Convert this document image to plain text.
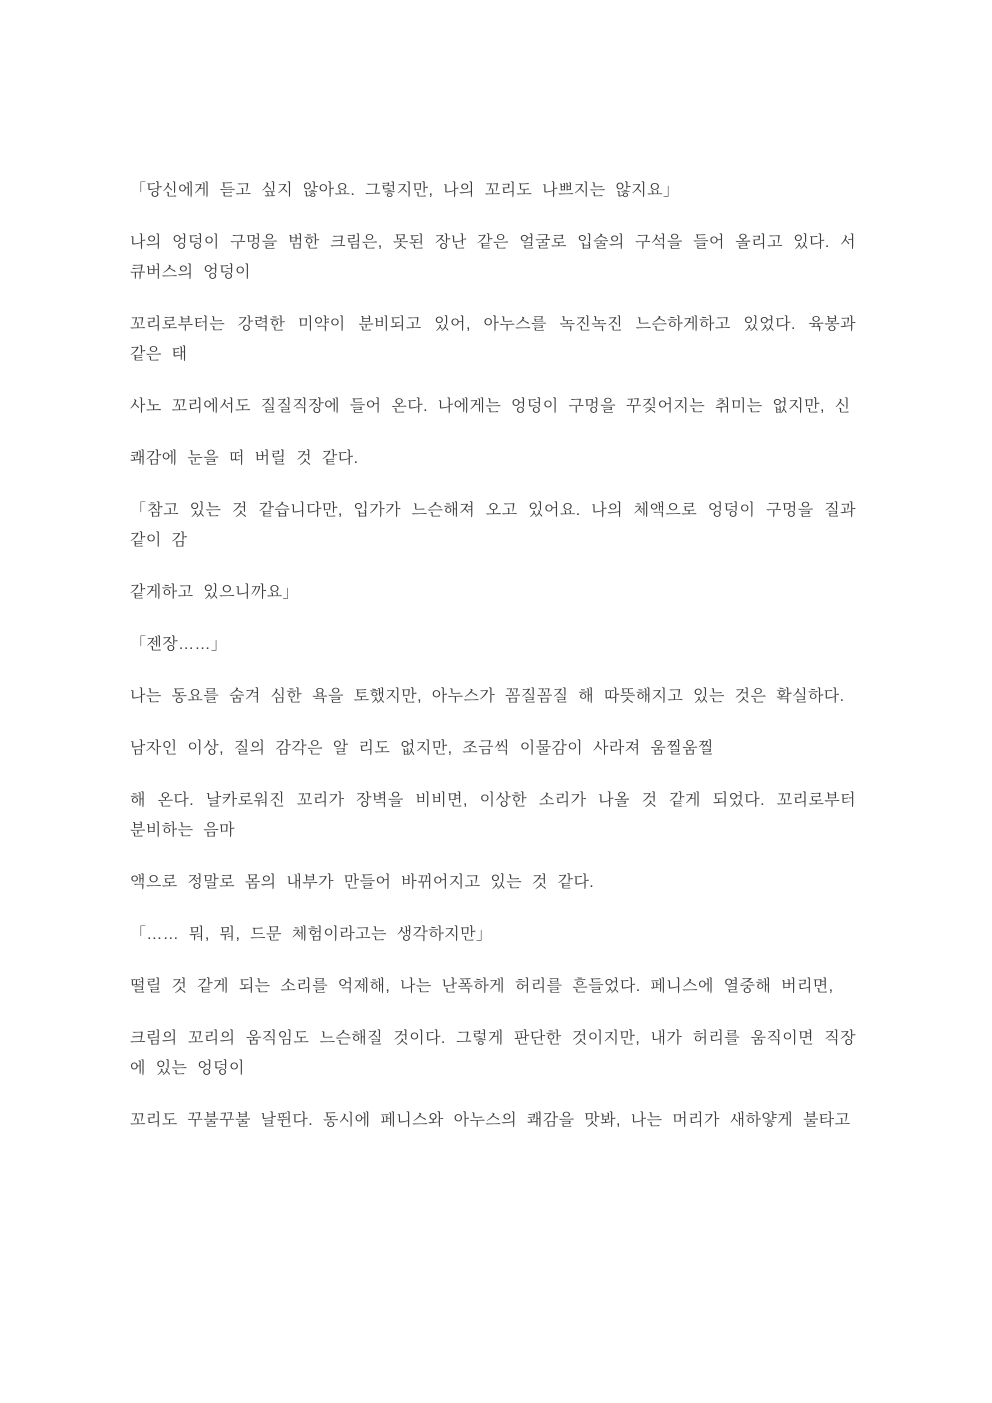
「당신에게 듣고 싶지 않아요. 그렇지만, 나의 꼬리도 나쁘지는 않지요」

나의 엉덩이 구멍을 범한 크림은, 못된 장난 같은 얼굴로 입술의 구석을 들어 올리고 있다. 서큐버스의 엉덩이

꼬리로부터는 강력한 미약이 분비되고 있어, 아누스를 녹진녹진 느슨하게하고 있었다. 육봉과 같은 태

사노 꼬리에서도 질질직장에 들어 온다. 나에게는 엉덩이 구멍을 꾸짖어지는 취미는 없지만, 신

쾌감에 눈을 떠 버릴 것 같다.

「참고 있는 것 같습니다만, 입가가 느슨해져 오고 있어요. 나의 체액으로 엉덩이 구멍을 질과 같이 감

같게하고 있으니까요」

「젠장……」

나는 동요를 숨겨 심한 욕을 토했지만, 아누스가 꼼질꼼질 해 따뜻해지고 있는 것은 확실하다.

남자인 이상, 질의 감각은 알 리도 없지만, 조금씩 이물감이 사라져 움찔움찔

해 온다. 날카로워진 꼬리가 장벽을 비비면, 이상한 소리가 나올 것 같게 되었다. 꼬리로부터 분비하는 음마

액으로 정말로 몸의 내부가 만들어 바뀌어지고 있는 것 같다.

「…… 뭐, 뭐, 드문 체험이라고는 생각하지만」

떨릴 것 같게 되는 소리를 억제해, 나는 난폭하게 허리를 흔들었다. 페니스에 열중해 버리면,

크림의 꼬리의 움직임도 느슨해질 것이다. 그렇게 판단한 것이지만, 내가 허리를 움직이면 직장에 있는 엉덩이

꼬리도 꾸불꾸불 날뛴다. 동시에 페니스와 아누스의 쾌감을 맛봐, 나는 머리가 새하얗게 불타고
